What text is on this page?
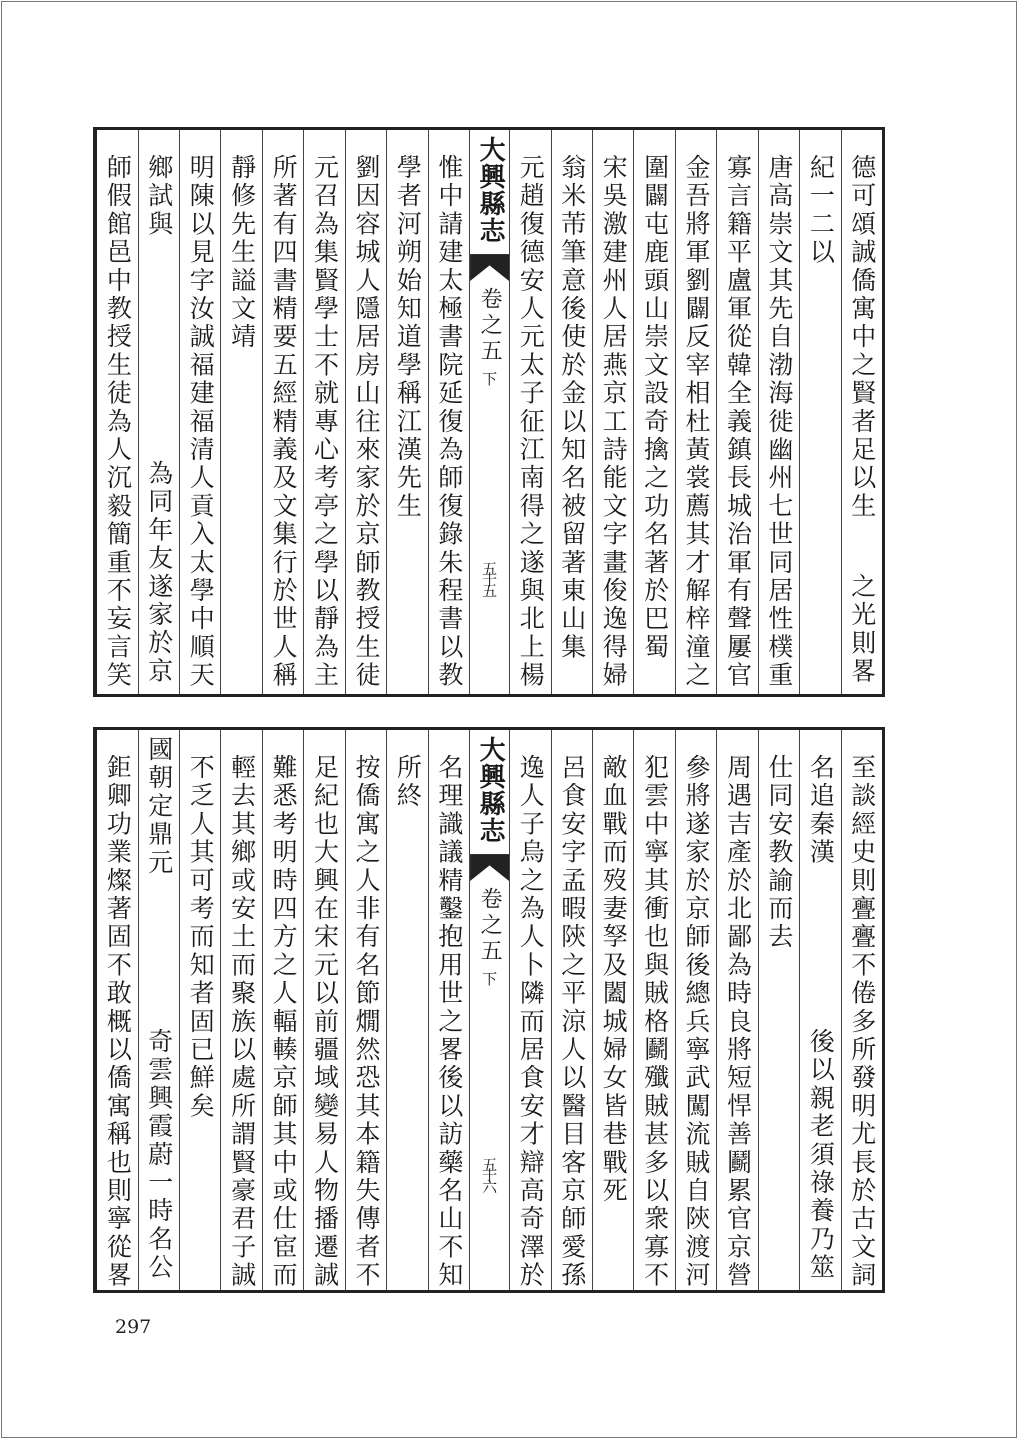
德可頌誠僑寓中之賢者足以生
之光則畧
紀一二以
唐高崇文其先自渤海徙幽州七世同居性樸重
寡言籍平盧軍從韓全義鎮長城治軍有聲屢官
金吾將軍劉闢反宰相杜黃裳薦其才解梓潼之
圍闢屯鹿頭山崇文設奇擒之功名著於巴蜀
宋吳激建州人居燕京工詩能文字畫俊逸得婦
翁米芾筆意後使於金以知名被留著東山集
元趙復德安人元太子征江南得之遂與北上楊
大興縣志
卷之五
下
五十五
惟中請建太極書院延復為師復錄朱程書以教
學者河朔始知道學稱江漢先生
劉因容城人隱居房山往來家於京師教授生徒
元召為集賢學士不就專心考亭之學以靜為主
所著有四書精要五經精義及文集行於世人稱
靜修先生謚文靖
明陳以見字汝誠福建福清人貢入太學中順天
鄉試與
為同年友遂家於京
師假館邑中教授生徒為人沉毅簡重不妄言笑
至談經史則亹亹不倦多所發明尤長於古文詞
名追秦漢
後以親老須祿養乃筮
仕同安教諭而去
周遇吉產於北鄙為時良將短悍善鬬累官京營
參將遂家於京師後總兵寧武闖流賊自陝渡河
犯雲中寧其衝也與賊格鬬殲賊甚多以衆寡不
敵血戰而歿妻孥及闔城婦女皆巷戰死
呂食安字孟暇陝之平涼人以醫目客京師愛孫
逸人子烏之為人卜隣而居食安才辯高奇澤於
大興縣志
卷之五
下
五十六
名理識議精鑿抱用世之畧後以訪藥名山不知
所終
按僑寓之人非有名節燗然恐其本籍失傳者不
足紀也大興在宋元以前疆域變易人物播遷誠
難悉考明時四方之人輻輳京師其中或仕宦而
輕去其鄉或安土而聚族以處所謂賢豪君子誠
不乏人其可考而知者固已鮮矣
國朝定鼎元
奇雲興霞蔚一時名公
鉅卿功業燦著固不敢概以僑寓稱也則寧從畧
297
